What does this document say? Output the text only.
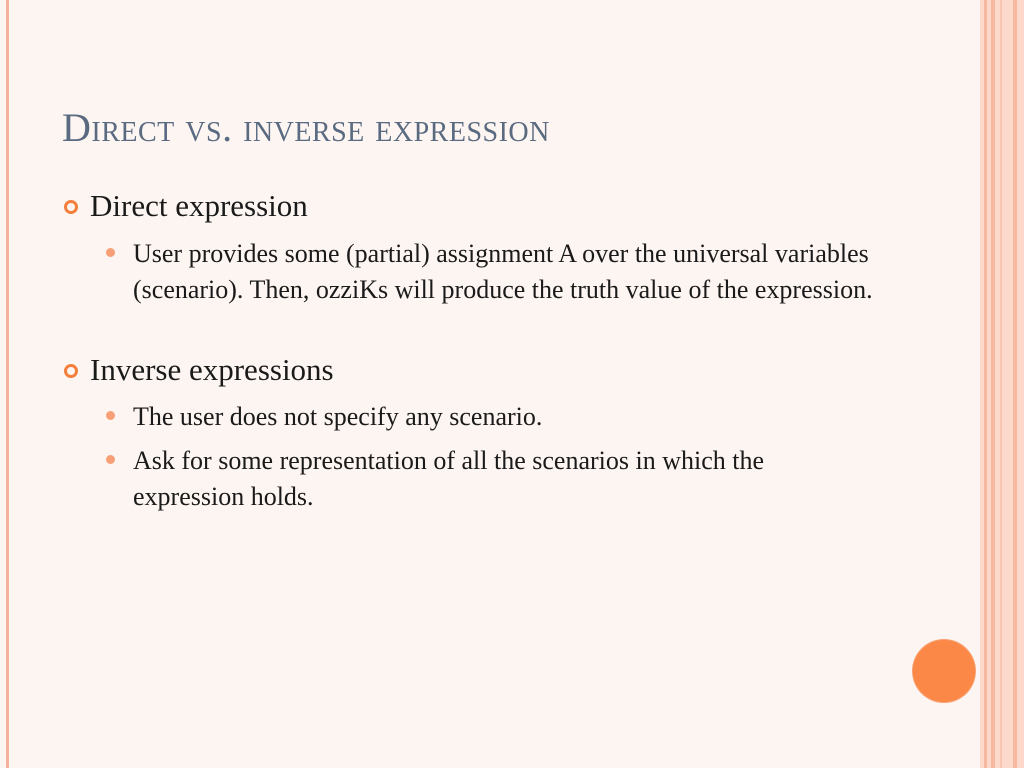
Direct vs. inverse expression
Direct expression
User provides some (partial) assignment A over the universal variables (scenario). Then, ozziKs will produce the truth value of the expression.
Inverse expressions
The user does not specify any scenario.
Ask for some representation of all the scenarios in which the expression holds.
